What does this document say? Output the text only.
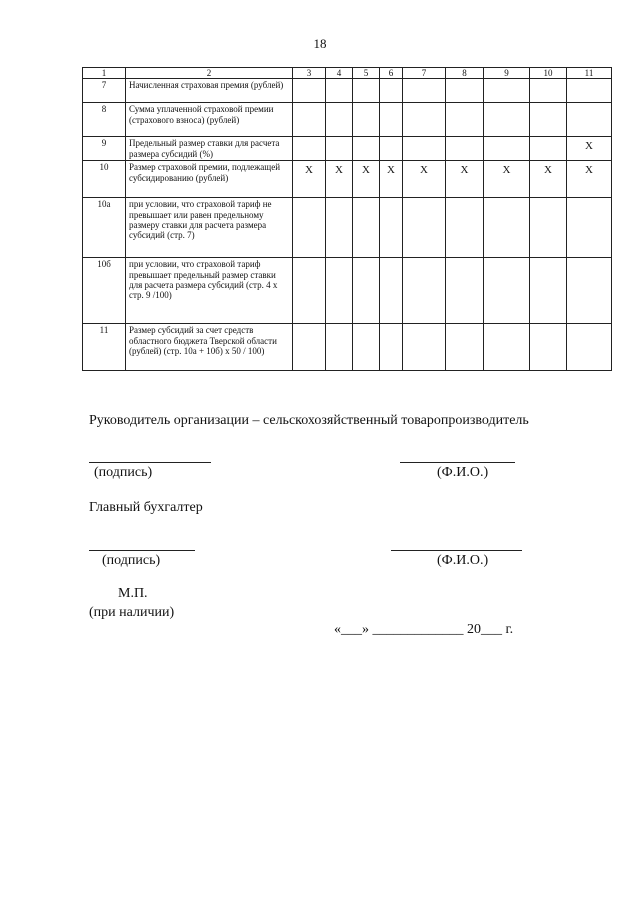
18
1	2	3	4	5	6	7	8	9	10	11
7	Начисленная страховая премия (рублей)									
8	Сумма уплаченной страховой премии (страхового взноса) (рублей)									
9	Предельный размер ставки для расчета размера субсидий (%)									Х
10	Размер страховой премии, подлежащей субсидированию (рублей)	Х	Х	Х	Х	Х	Х	Х	Х	Х
10а	при условии, что страховой тариф не превышает или равен предельному размеру ставки для расчета размера субсидий (стр. 7)									
10б	при условии, что страховой тариф превышает предельный размер ставки для расчета размера субсидий (стр. 4 х стр. 9 /100)									
11	Размер субсидий за счет средств областного бюджета Тверской области (рублей) (стр. 10а + 10б) х 50 / 100)									
Руководитель организации – сельскохозяйственный товаропроизводитель
(подпись)	(Ф.И.О.)
Главный бухгалтер
(подпись)	(Ф.И.О.)
М.П.
(при наличии)
«___» _____________ 20___ г.
